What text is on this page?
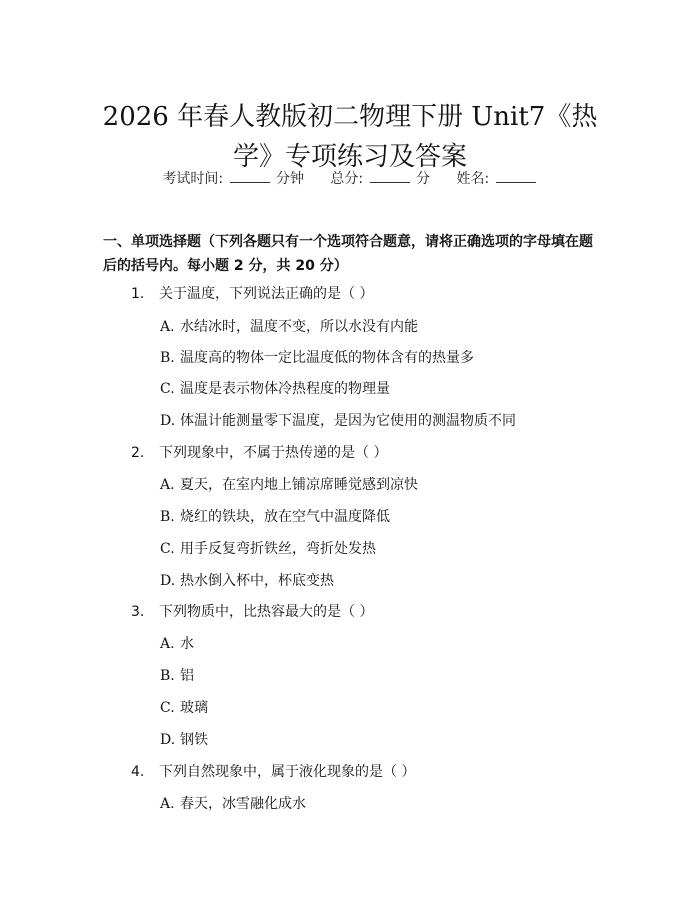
2026 年春人教版初二物理下册 Unit7《热
学》专项练习及答案
考试时间:	分钟 总分:	分 姓名:
一、单项选择题（下列各题只有一个选项符合题意，请将正确选项的字母填在题后的括号内。每小题 2 分，共 20 分）
1. 关于温度，下列说法正确的是（ ）
A. 水结冰时，温度不变，所以水没有内能
B. 温度高的物体一定比温度低的物体含有的热量多
C. 温度是表示物体冷热程度的物理量
D. 体温计能测量零下温度，是因为它使用的测温物质不同
2. 下列现象中，不属于热传递的是（ ）
A. 夏天，在室内地上铺凉席睡觉感到凉快
B. 烧红的铁块，放在空气中温度降低
C. 用手反复弯折铁丝，弯折处发热
D. 热水倒入杯中，杯底变热
3. 下列物质中，比热容最大的是（ ）
A. 水
B. 铝
C. 玻璃
D. 钢铁
4. 下列自然现象中，属于液化现象的是（ ）
A. 春天，冰雪融化成水
